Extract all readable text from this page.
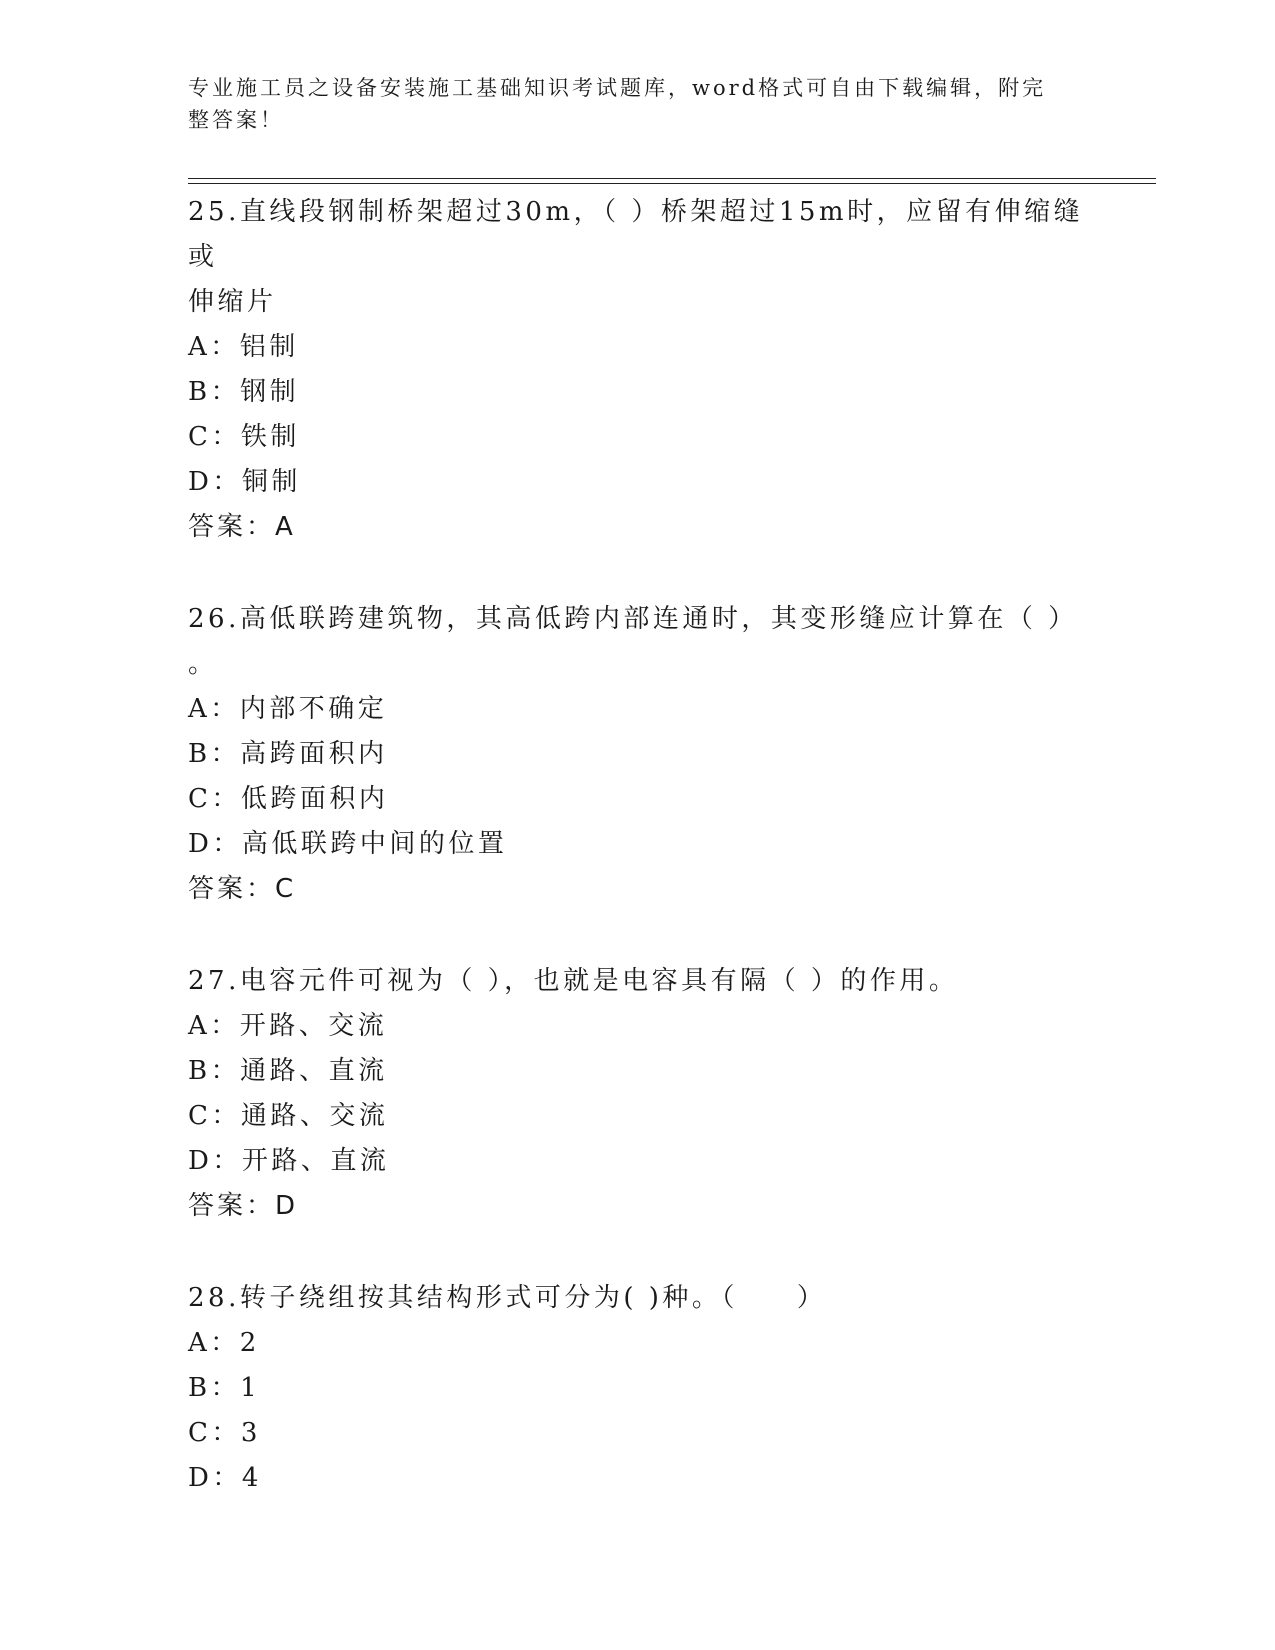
专业施工员之设备安装施工基础知识考试题库，word格式可自由下载编辑，附完
整答案！
25.直线段钢制桥架超过30m，（ ）桥架超过15m时，应留有伸缩缝或
伸缩片
A：铝制
B：钢制
C：铁制
D：铜制
答案：A
26.高低联跨建筑物，其高低跨内部连通时，其变形缝应计算在（ ）
。
A：内部不确定
B：高跨面积内
C：低跨面积内
D：高低联跨中间的位置
答案：C
27.电容元件可视为（ ），也就是电容具有隔（ ）的作用。
A：开路、交流
B：通路、直流
C：通路、交流
D：开路、直流
答案：D
28.转子绕组按其结构形式可分为( )种。（　　）
A：2
B：1
C：3
D：4
